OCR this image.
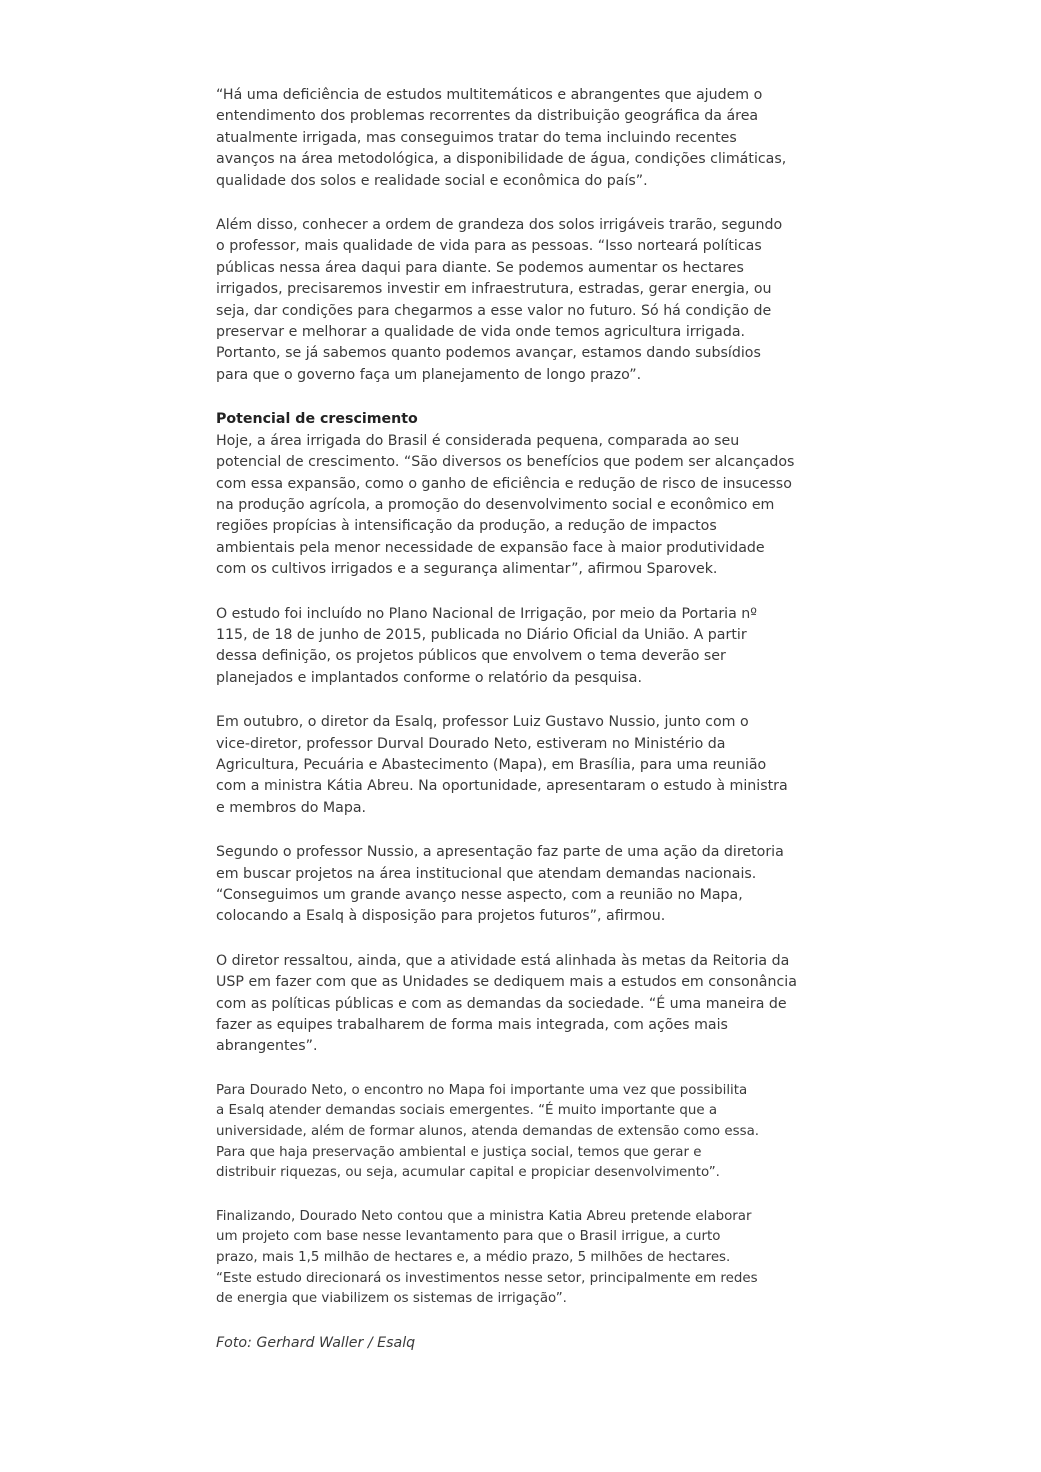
“Há uma deficiência de estudos multitemáticos e abrangentes que ajudem o
entendimento dos problemas recorrentes da distribuição geográfica da área
atualmente irrigada, mas conseguimos tratar do tema incluindo recentes
avanços na área metodológica, a disponibilidade de água, condições climáticas,
qualidade dos solos e realidade social e econômica do país”.

Além disso, conhecer a ordem de grandeza dos solos irrigáveis trarão, segundo
o professor, mais qualidade de vida para as pessoas. “Isso norteará políticas
públicas nessa área daqui para diante. Se podemos aumentar os hectares
irrigados, precisaremos investir em infraestrutura, estradas, gerar energia, ou
seja, dar condições para chegarmos a esse valor no futuro. Só há condição de
preservar e melhorar a qualidade de vida onde temos agricultura irrigada.
Portanto, se já sabemos quanto podemos avançar, estamos dando subsídios
para que o governo faça um planejamento de longo prazo”.

Potencial de crescimento

Hoje, a área irrigada do Brasil é considerada pequena, comparada ao seu
potencial de crescimento. “São diversos os benefícios que podem ser alcançados
com essa expansão, como o ganho de eficiência e redução de risco de insucesso
na produção agrícola, a promoção do desenvolvimento social e econômico em
regiões propícias à intensificação da produção, a redução de impactos
ambientais pela menor necessidade de expansão face à maior produtividade
com os cultivos irrigados e a segurança alimentar”, afirmou Sparovek.

O estudo foi incluído no Plano Nacional de Irrigação, por meio da Portaria nº
115, de 18 de junho de 2015, publicada no Diário Oficial da União. A partir
dessa definição, os projetos públicos que envolvem o tema deverão ser
planejados e implantados conforme o relatório da pesquisa.

Em outubro, o diretor da Esalq, professor Luiz Gustavo Nussio, junto com o
vice-diretor, professor Durval Dourado Neto, estiveram no Ministério da
Agricultura, Pecuária e Abastecimento (Mapa), em Brasília, para uma reunião
com a ministra Kátia Abreu. Na oportunidade, apresentaram o estudo à ministra
e membros do Mapa.

Segundo o professor Nussio, a apresentação faz parte de uma ação da diretoria
em buscar projetos na área institucional que atendam demandas nacionais.
“Conseguimos um grande avanço nesse aspecto, com a reunião no Mapa,
colocando a Esalq à disposição para projetos futuros”, afirmou.

O diretor ressaltou, ainda, que a atividade está alinhada às metas da Reitoria da
USP em fazer com que as Unidades se dediquem mais a estudos em consonância
com as políticas públicas e com as demandas da sociedade. “É uma maneira de
fazer as equipes trabalharem de forma mais integrada, com ações mais
abrangentes”.

Para Dourado Neto, o encontro no Mapa foi importante uma vez que possibilita
a Esalq atender demandas sociais emergentes. “É muito importante que a
universidade, além de formar alunos, atenda demandas de extensão como essa.
Para que haja preservação ambiental e justiça social, temos que gerar e
distribuir riquezas, ou seja, acumular capital e propiciar desenvolvimento”.

Finalizando, Dourado Neto contou que a ministra Katia Abreu pretende elaborar
um projeto com base nesse levantamento para que o Brasil irrigue, a curto
prazo, mais 1,5 milhão de hectares e, a médio prazo, 5 milhões de hectares.
“Este estudo direcionará os investimentos nesse setor, principalmente em redes
de energia que viabilizem os sistemas de irrigação”.

Foto: Gerhard Waller / Esalq
